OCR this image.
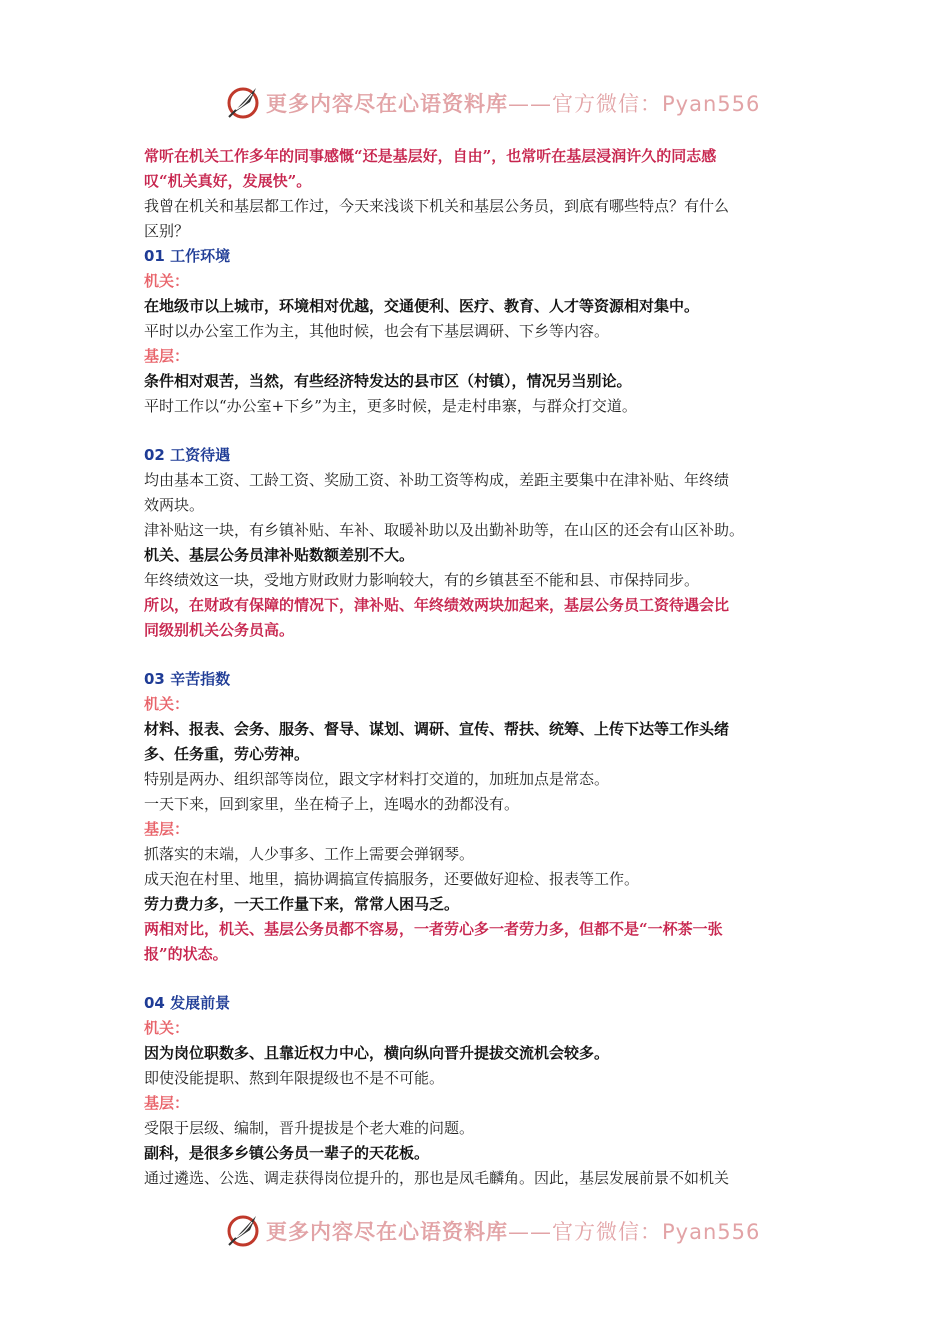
更多内容尽在心语资料库——官方微信：Pyan556
常听在机关工作多年的同事感慨“还是基层好，自由”，也常听在基层浸润许久的同志感
叹“机关真好，发展快”。
我曾在机关和基层都工作过，今天来浅谈下机关和基层公务员，到底有哪些特点？有什么
区别？
01 工作环境
机关：
在地级市以上城市，环境相对优越，交通便利、医疗、教育、人才等资源相对集中。
平时以办公室工作为主，其他时候，也会有下基层调研、下乡等内容。
基层：
条件相对艰苦，当然，有些经济特发达的县市区（村镇），情况另当别论。
平时工作以“办公室+下乡”为主，更多时候，是走村串寨，与群众打交道。
02 工资待遇
均由基本工资、工龄工资、奖励工资、补助工资等构成，差距主要集中在津补贴、年终绩
效两块。
津补贴这一块，有乡镇补贴、车补、取暖补助以及出勤补助等，在山区的还会有山区补助。
机关、基层公务员津补贴数额差别不大。
年终绩效这一块，受地方财政财力影响较大，有的乡镇甚至不能和县、市保持同步。
所以，在财政有保障的情况下，津补贴、年终绩效两块加起来，基层公务员工资待遇会比
同级别机关公务员高。
03 辛苦指数
机关：
材料、报表、会务、服务、督导、谋划、调研、宣传、帮扶、统筹、上传下达等工作头绪
多、任务重，劳心劳神。
特别是两办、组织部等岗位，跟文字材料打交道的，加班加点是常态。
一天下来，回到家里，坐在椅子上，连喝水的劲都没有。
基层：
抓落实的末端，人少事多、工作上需要会弹钢琴。
成天泡在村里、地里，搞协调搞宣传搞服务，还要做好迎检、报表等工作。
劳力费力多，一天工作量下来，常常人困马乏。
两相对比，机关、基层公务员都不容易，一者劳心多一者劳力多，但都不是“一杯茶一张
报”的状态。
04 发展前景
机关：
因为岗位职数多、且靠近权力中心，横向纵向晋升提拔交流机会较多。
即使没能提职、熬到年限提级也不是不可能。
基层：
受限于层级、编制，晋升提拔是个老大难的问题。
副科，是很多乡镇公务员一辈子的天花板。
通过遴选、公选、调走获得岗位提升的，那也是凤毛麟角。因此，基层发展前景不如机关
更多内容尽在心语资料库——官方微信：Pyan556
